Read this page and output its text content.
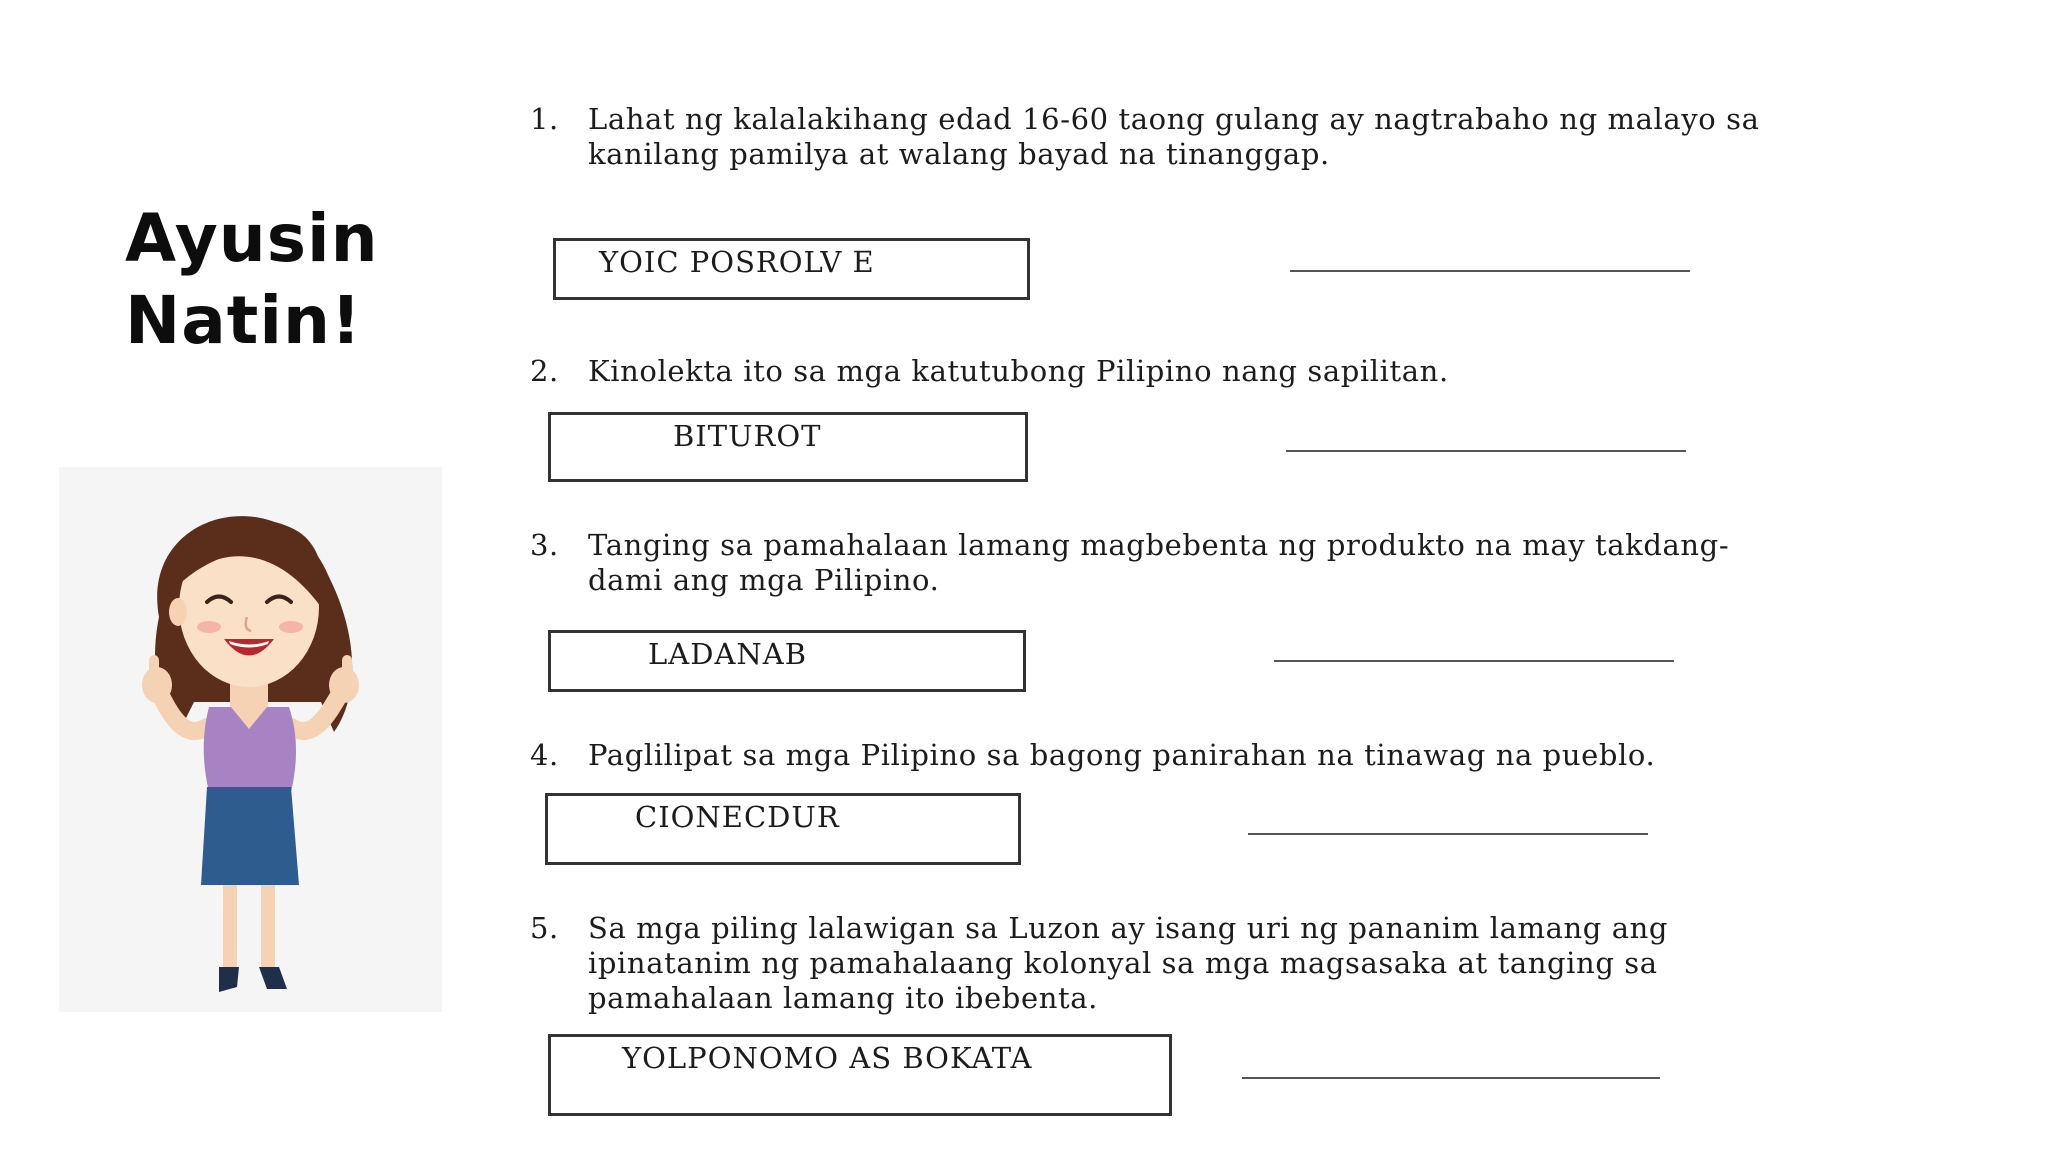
Ayusin
Natin!
1. Lahat ng kalalakihang edad 16-60 taong gulang ay nagtrabaho ng malayo sa
kanilang pamilya at walang bayad na tinanggap.
YOIC POSROLV E
2. Kinolekta ito sa mga katutubong Pilipino nang sapilitan.
BITUROT
3. Tanging sa pamahalaan lamang magbebenta ng produkto na may takdang-
dami ang mga Pilipino.
LADANAB
4. Paglilipat sa mga Pilipino sa bagong panirahan na tinawag na pueblo.
CIONECDUR
5. Sa mga piling lalawigan sa Luzon ay isang uri ng pananim lamang ang
ipinatanim ng pamahalaang kolonyal sa mga magsasaka at tanging sa
pamahalaan lamang ito ibebenta.
YOLPONOMO AS BOKATA
